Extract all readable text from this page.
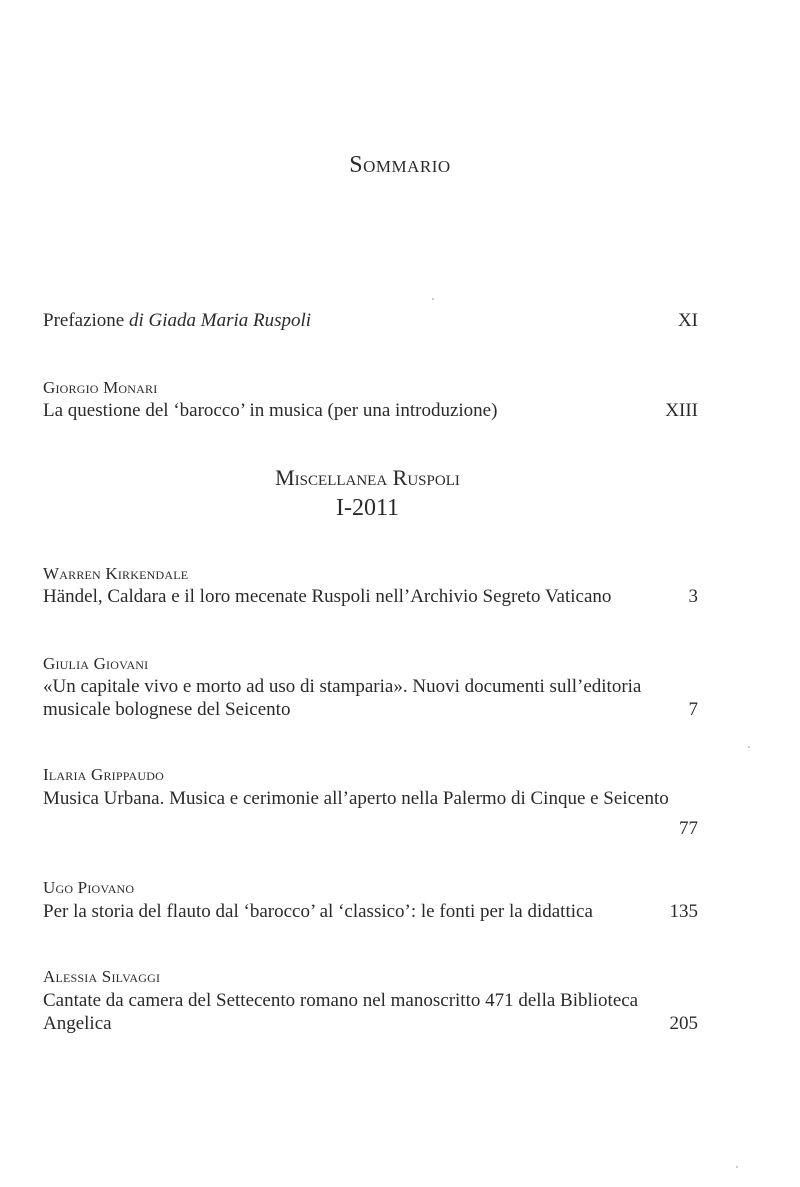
Sommario
Prefazione di Giada Maria Ruspoli	XI
Giorgio Monari
La questione del ‘barocco’ in musica (per una introduzione)	XIII
Miscellanea Ruspoli
I-2011
Warren Kirkendale
Händel, Caldara e il loro mecenate Ruspoli nell’Archivio Segreto Vaticano	3
Giulia Giovani
«Un capitale vivo e morto ad uso di stamparia». Nuovi documenti sull’editoria
musicale bolognese del Seicento	7
Ilaria Grippaudo
Musica Urbana. Musica e cerimonie all’aperto nella Palermo di Cinque e Seicento
77
Ugo Piovano
Per la storia del flauto dal ‘barocco’ al ‘classico’: le fonti per la didattica	135
Alessia Silvaggi
Cantate da camera del Settecento romano nel manoscritto 471 della Biblioteca
Angelica	205
